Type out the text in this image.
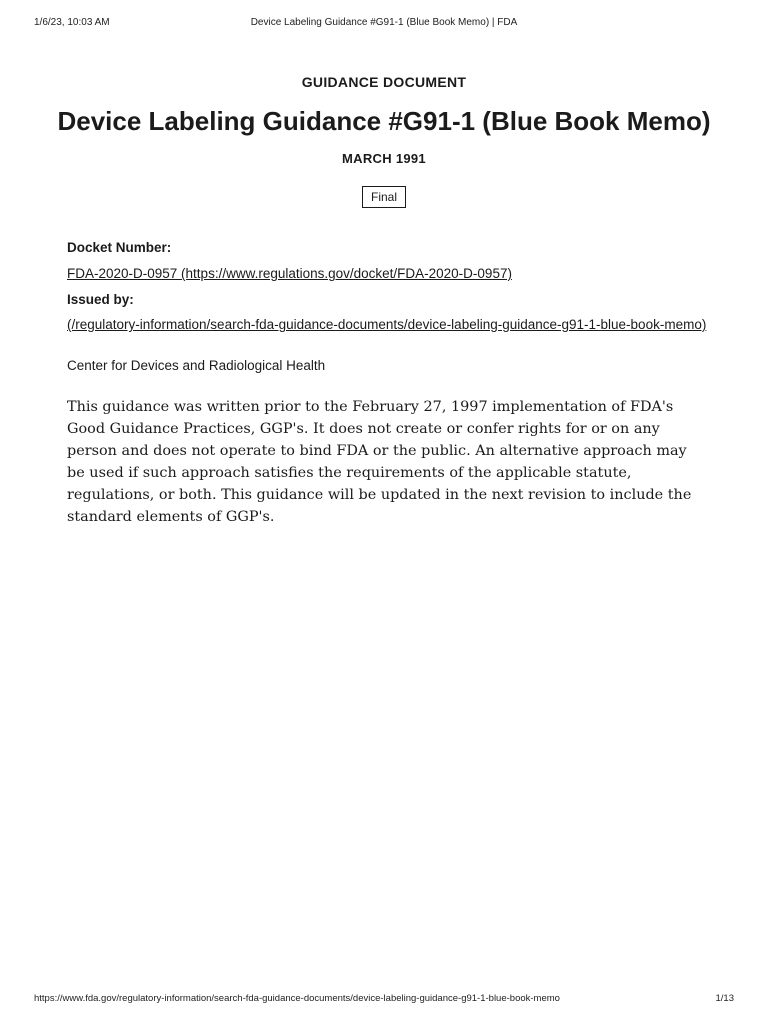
1/6/23, 10:03 AM	Device Labeling Guidance #G91-1 (Blue Book Memo) | FDA
GUIDANCE DOCUMENT
Device Labeling Guidance #G91-1 (Blue Book Memo)
MARCH 1991
Final
Docket Number:
FDA-2020-D-0957 (https://www.regulations.gov/docket/FDA-2020-D-0957)
Issued by:
(/regulatory-information/search-fda-guidance-documents/device-labeling-guidance-g91-1-blue-book-memo)
Center for Devices and Radiological Health

This guidance was written prior to the February 27, 1997 implementation of FDA's Good Guidance Practices, GGP's. It does not create or confer rights for or on any person and does not operate to bind FDA or the public. An alternative approach may be used if such approach satisfies the requirements of the applicable statute, regulations, or both. This guidance will be updated in the next revision to include the standard elements of GGP's.

https://www.fda.gov/regulatory-information/search-fda-guidance-documents/device-labeling-guidance-g91-1-blue-book-memo	1/13
